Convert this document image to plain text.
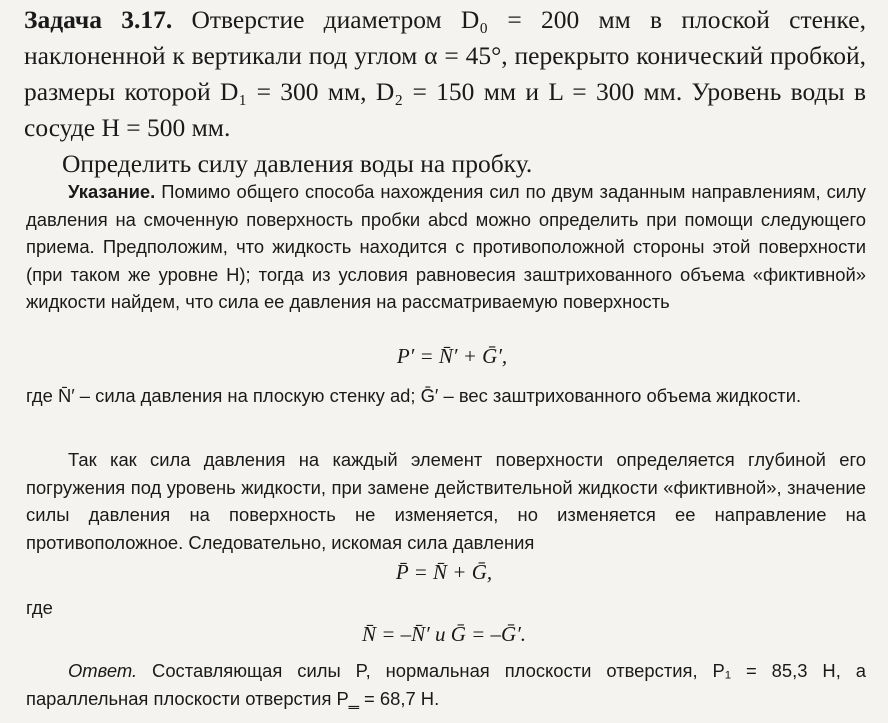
Задача 3.17. Отверстие диаметром D₀ = 200 мм в плоской стенке, наклоненной к вертикали под углом α = 45°, перекрыто конический пробкой, размеры которой D₁ = 300 мм, D₂ = 150 мм и L = 300 мм. Уровень воды в сосуде H = 500 мм.

Определить силу давления воды на пробку.

Указание. Помимо общего способа нахождения сил по двум заданным направлениям, силу давления на смоченную поверхность пробки abcd можно определить при помощи следующего приема. Предположим, что жидкость находится с противоположной стороны этой поверхности (при таком же уровне H); тогда из условия равновесия заштрихованного объема «фиктивной» жидкости найдем, что сила ее давления на рассматриваемую поверхность

P′ = N̄′ + Ḡ′,

где N̄′ – сила давления на плоскую стенку ad; Ḡ′ – вес заштрихованного объема жидкости.

Так как сила давления на каждый элемент поверхности определяется глубиной его погружения под уровень жидкости, при замене действительной жидкости «фиктивной», значение силы давления на поверхность не изменяется, но изменяется ее направление на противоположное. Следовательно, искомая сила давления

P̄ = N̄ + Ḡ,

где

N̄ = –N̄′ и Ḡ = –Ḡ′.

Ответ. Составляющая силы P, нормальная плоскости отверстия, P₁ = 85,3 Н, а параллельная плоскости отверстия P‗ = 68,7 Н.
